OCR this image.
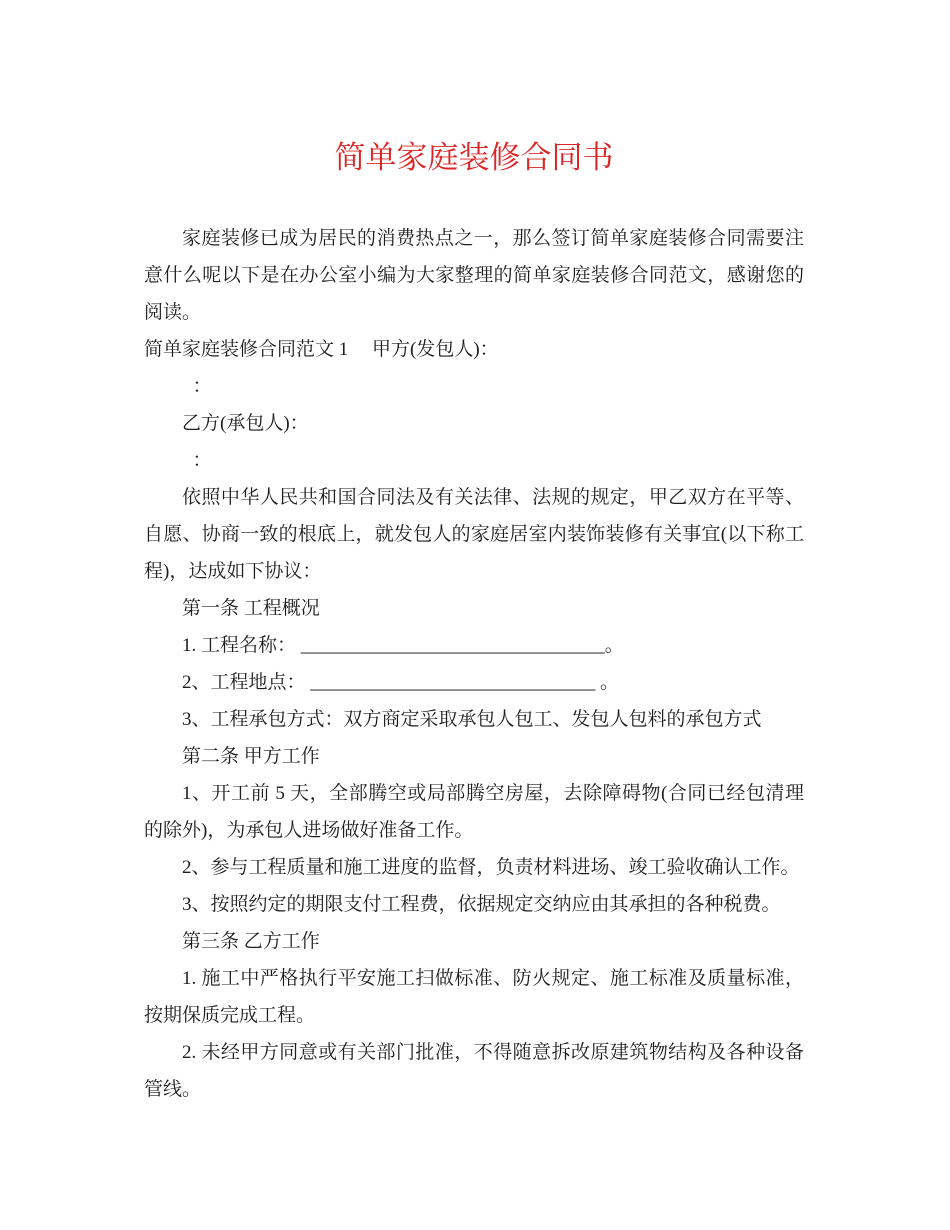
简单家庭装修合同书

家庭装修已成为居民的消费热点之一，那么签订简单家庭装修合同需要注意什么呢以下是在办公室小编为大家整理的简单家庭装修合同范文，感谢您的阅读。

简单家庭装修合同范文 1　 甲方(发包人)：

：

乙方(承包人)：

：

依照中华人民共和国合同法及有关法律、法规的规定，甲乙双方在平等、自愿、协商一致的根底上，就发包人的家庭居室内装饰装修有关事宜(以下称工程)，达成如下协议：

第一条 工程概况

1. 工程名称： ________________________________。

2、工程地点： ______________________________ 。

3、工程承包方式：双方商定采取承包人包工、发包人包料的承包方式

第二条 甲方工作

1、开工前 5 天，全部腾空或局部腾空房屋，去除障碍物(合同已经包清理的除外)，为承包人进场做好准备工作。

2、参与工程质量和施工进度的监督，负责材料进场、竣工验收确认工作。

3、按照约定的期限支付工程费，依据规定交纳应由其承担的各种税费。

第三条 乙方工作

1. 施工中严格执行平安施工扫做标准、防火规定、施工标准及质量标准，按期保质完成工程。

2. 未经甲方同意或有关部门批准，不得随意拆改原建筑物结构及各种设备管线。
